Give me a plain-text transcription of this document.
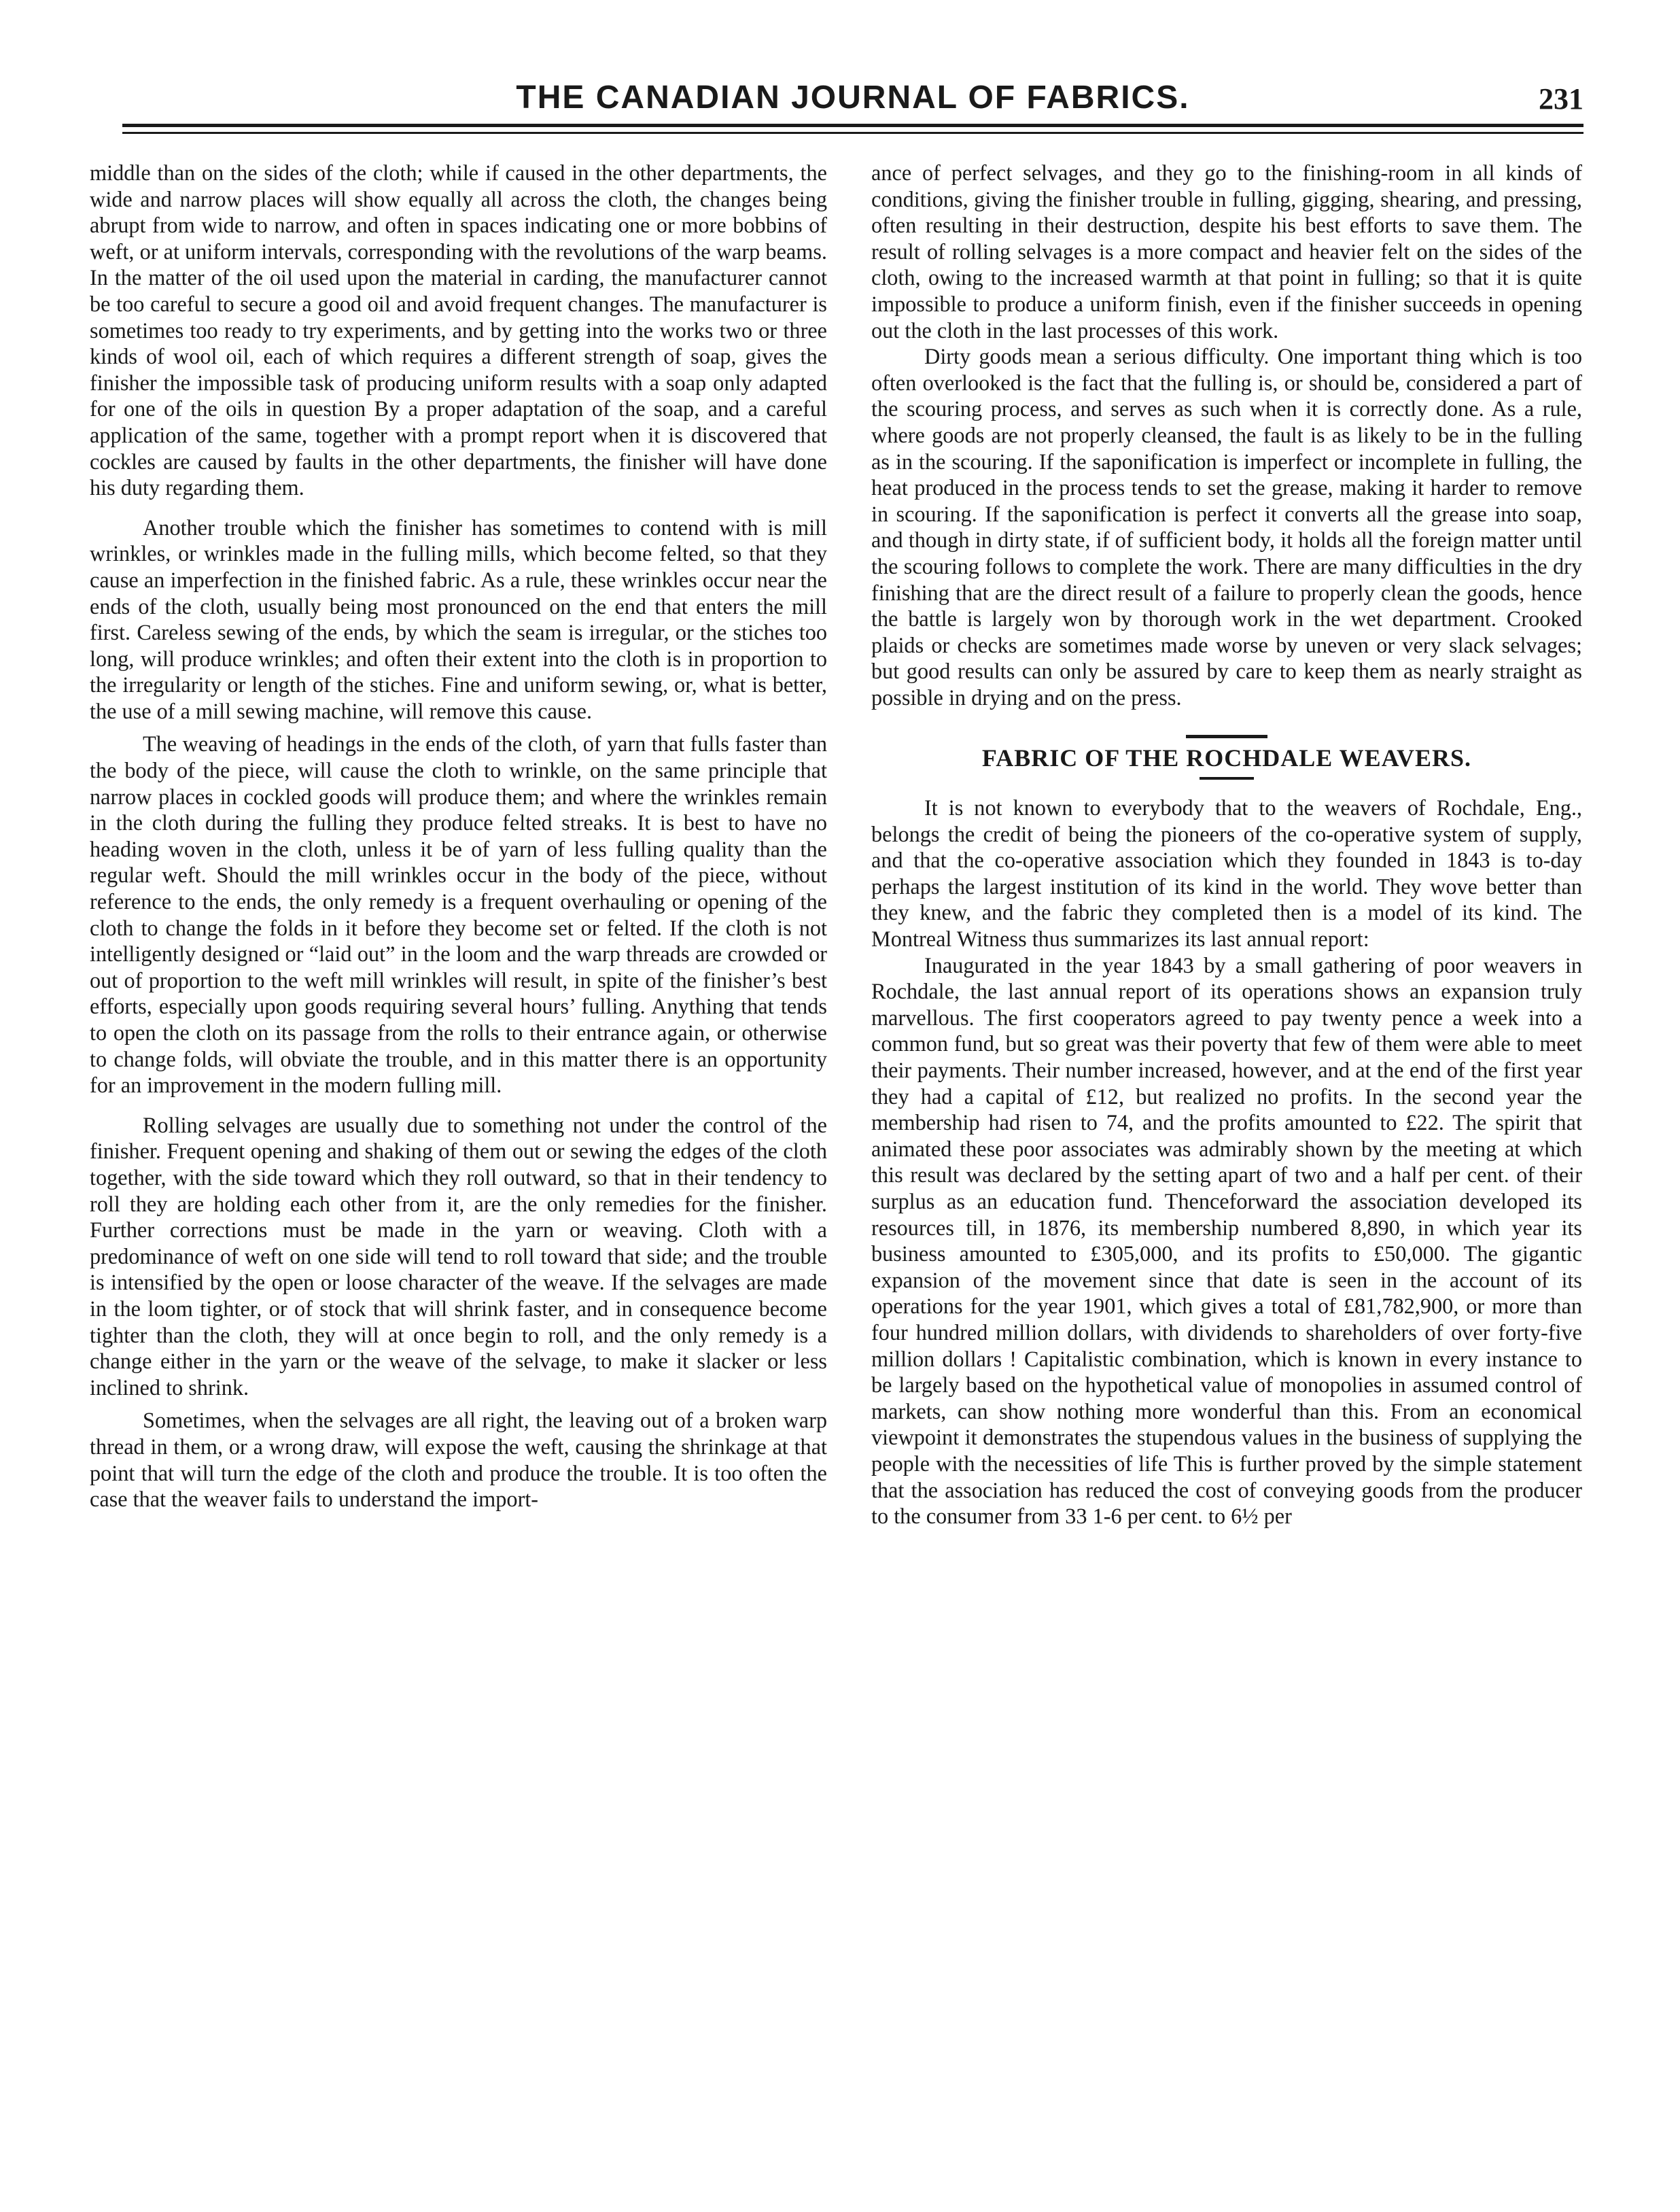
THE CANADIAN JOURNAL OF FABRICS.	231

middle than on the sides of the cloth; while if caused in the other departments, the wide and narrow places will show equally all across the cloth, the changes being abrupt from wide to narrow, and often in spaces indicating one or more bobbins of weft, or at uniform intervals, corresponding with the revolutions of the warp beams. In the matter of the oil used upon the material in carding, the manufacturer cannot be too careful to secure a good oil and avoid frequent changes. The manufacturer is sometimes too ready to try experiments, and by getting into the works two or three kinds of wool oil, each of which requires a different strength of soap, gives the finisher the impossible task of producing uniform results with a soap only adapted for one of the oils in question By a proper adaptation of the soap, and a careful application of the same, together with a prompt report when it is discovered that cockles are caused by faults in the other departments, the finisher will have done his duty regarding them.

Another trouble which the finisher has sometimes to contend with is mill wrinkles, or wrinkles made in the fulling mills, which become felted, so that they cause an imperfection in the finished fabric. As a rule, these wrinkles occur near the ends of the cloth, usually being most pronounced on the end that enters the mill first. Careless sewing of the ends, by which the seam is irregular, or the stiches too long, will produce wrinkles; and often their extent into the cloth is in proportion to the irregularity or length of the stiches. Fine and uniform sewing, or, what is better, the use of a mill sewing machine, will remove this cause.

The weaving of headings in the ends of the cloth, of yarn that fulls faster than the body of the piece, will cause the cloth to wrinkle, on the same principle that narrow places in cockled goods will produce them; and where the wrinkles remain in the cloth during the fulling they produce felted streaks. It is best to have no heading woven in the cloth, unless it be of yarn of less fulling quality than the regular weft. Should the mill wrinkles occur in the body of the piece, without reference to the ends, the only remedy is a frequent overhauling or opening of the cloth to change the folds in it before they become set or felted. If the cloth is not intelligently designed or “laid out” in the loom and the warp threads are crowded or out of proportion to the weft mill wrinkles will result, in spite of the finisher’s best efforts, especially upon goods requiring several hours’ fulling. Anything that tends to open the cloth on its passage from the rolls to their entrance again, or otherwise to change folds, will obviate the trouble, and in this matter there is an opportunity for an improvement in the modern fulling mill.

Rolling selvages are usually due to something not under the control of the finisher. Frequent opening and shaking of them out or sewing the edges of the cloth together, with the side toward which they roll outward, so that in their tendency to roll they are holding each other from it, are the only remedies for the finisher. Further corrections must be made in the yarn or weaving. Cloth with a predominance of weft on one side will tend to roll toward that side; and the trouble is intensified by the open or loose character of the weave. If the selvages are made in the loom tighter, or of stock that will shrink faster, and in consequence become tighter than the cloth, they will at once begin to roll, and the only remedy is a change either in the yarn or the weave of the selvage, to make it slacker or less inclined to shrink.

Sometimes, when the selvages are all right, the leaving out of a broken warp thread in them, or a wrong draw, will expose the weft, causing the shrinkage at that point that will turn the edge of the cloth and produce the trouble. It is too often the case that the weaver fails to understand the import-

ance of perfect selvages, and they go to the finishing-room in all kinds of conditions, giving the finisher trouble in fulling, gigging, shearing, and pressing, often resulting in their destruction, despite his best efforts to save them. The result of rolling selvages is a more compact and heavier felt on the sides of the cloth, owing to the increased warmth at that point in fulling; so that it is quite impossible to produce a uniform finish, even if the finisher succeeds in opening out the cloth in the last processes of this work.

Dirty goods mean a serious difficulty. One important thing which is too often overlooked is the fact that the fulling is, or should be, considered a part of the scouring process, and serves as such when it is correctly done. As a rule, where goods are not properly cleansed, the fault is as likely to be in the fulling as in the scouring. If the saponification is imperfect or incomplete in fulling, the heat produced in the process tends to set the grease, making it harder to remove in scouring. If the saponification is perfect it converts all the grease into soap, and though in dirty state, if of sufficient body, it holds all the foreign matter until the scouring follows to complete the work. There are many difficulties in the dry finishing that are the direct result of a failure to properly clean the goods, hence the battle is largely won by thorough work in the wet department. Crooked plaids or checks are sometimes made worse by uneven or very slack selvages; but good results can only be assured by care to keep them as nearly straight as possible in drying and on the press.

FABRIC OF THE ROCHDALE WEAVERS.

It is not known to everybody that to the weavers of Rochdale, Eng., belongs the credit of being the pioneers of the co-operative system of supply, and that the co-operative association which they founded in 1843 is to-day perhaps the largest institution of its kind in the world. They wove better than they knew, and the fabric they completed then is a model of its kind. The Montreal Witness thus summarizes its last annual report:

Inaugurated in the year 1843 by a small gathering of poor weavers in Rochdale, the last annual report of its operations shows an expansion truly marvellous. The first cooperators agreed to pay twenty pence a week into a common fund, but so great was their poverty that few of them were able to meet their payments. Their number increased, however, and at the end of the first year they had a capital of £12, but realized no profits. In the second year the membership had risen to 74, and the profits amounted to £22. The spirit that animated these poor associates was admirably shown by the meeting at which this result was declared by the setting apart of two and a half per cent. of their surplus as an education fund. Thenceforward the association developed its resources till, in 1876, its membership numbered 8,890, in which year its business amounted to £305,000, and its profits to £50,000. The gigantic expansion of the movement since that date is seen in the account of its operations for the year 1901, which gives a total of £81,782,900, or more than four hundred million dollars, with dividends to shareholders of over forty-five million dollars ! Capitalistic combination, which is known in every instance to be largely based on the hypothetical value of monopolies in assumed control of markets, can show nothing more wonderful than this. From an economical viewpoint it demonstrates the stupendous values in the business of supplying the people with the necessities of life This is further proved by the simple statement that the association has reduced the cost of conveying goods from the producer to the consumer from 33 1-6 per cent. to 6½ per
